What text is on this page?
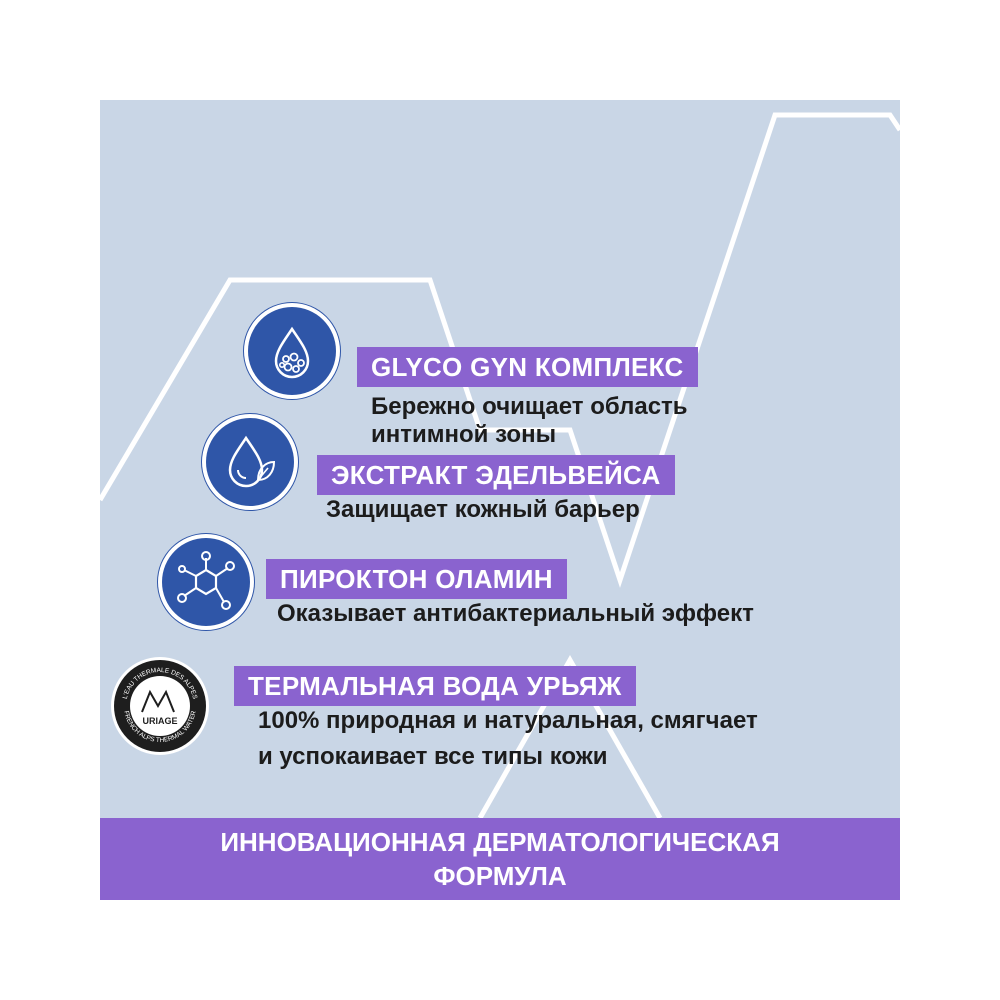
GLYCO GYN КОМПЛЕКС
Бережно очищает область
интимной зоны
ЭКСТРАКТ ЭДЕЛЬВЕЙСА
Защищает кожный барьер
ПИРОКТОН ОЛАМИН
Оказывает антибактериальный эффект
URIAGE
L'EAU THERMALE DES ALPES
FRENCH ALPS THERMAL WATER
ТЕРМАЛЬНАЯ ВОДА УРЬЯЖ
100% природная и натуральная, смягчает
и успокаивает все типы кожи
ИННОВАЦИОННАЯ ДЕРМАТОЛОГИЧЕСКАЯ
ФОРМУЛА
